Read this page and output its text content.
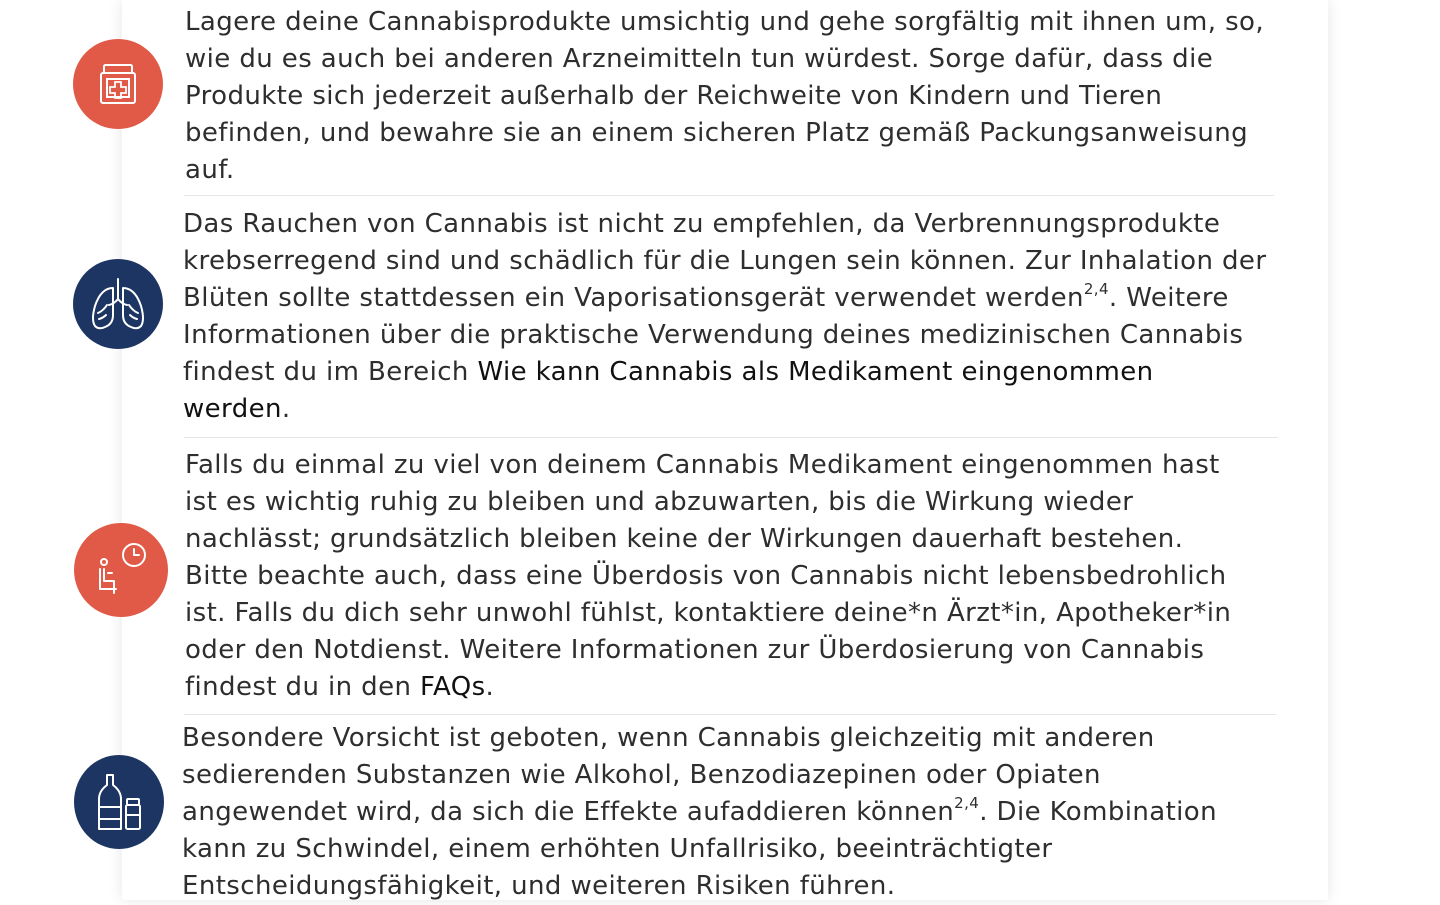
Lagere deine Cannabisprodukte umsichtig und gehe sorgfältig mit ihnen um, so,
wie du es auch bei anderen Arzneimitteln tun würdest. Sorge dafür, dass die
Produkte sich jederzeit außerhalb der Reichweite von Kindern und Tieren
befinden, und bewahre sie an einem sicheren Platz gemäß Packungsanweisung
auf.

Das Rauchen von Cannabis ist nicht zu empfehlen, da Verbrennungsprodukte
krebserregend sind und schädlich für die Lungen sein können. Zur Inhalation der
Blüten sollte stattdessen ein Vaporisationsgerät verwendet werden$^{2,4}$. Weitere
Informationen über die praktische Verwendung deines medizinischen Cannabis
findest du im Bereich Wie kann Cannabis als Medikament eingenommen
werden.

Falls du einmal zu viel von deinem Cannabis Medikament eingenommen hast
ist es wichtig ruhig zu bleiben und abzuwarten, bis die Wirkung wieder
nachlässt; grundsätzlich bleiben keine der Wirkungen dauerhaft bestehen.
Bitte beachte auch, dass eine Überdosis von Cannabis nicht lebensbedrohlich
ist. Falls du dich sehr unwohl fühlst, kontaktiere deine*n Ärzt*in, Apotheker*in
oder den Notdienst. Weitere Informationen zur Überdosierung von Cannabis
findest du in den FAQs.

Besondere Vorsicht ist geboten, wenn Cannabis gleichzeitig mit anderen
sedierenden Substanzen wie Alkohol, Benzodiazepinen oder Opiaten
angewendet wird, da sich die Effekte aufaddieren können$^{2,4}$. Die Kombination
kann zu Schwindel, einem erhöhten Unfallrisiko, beeinträchtigter
Entscheidungsfähigkeit, und weiteren Risiken führen.
